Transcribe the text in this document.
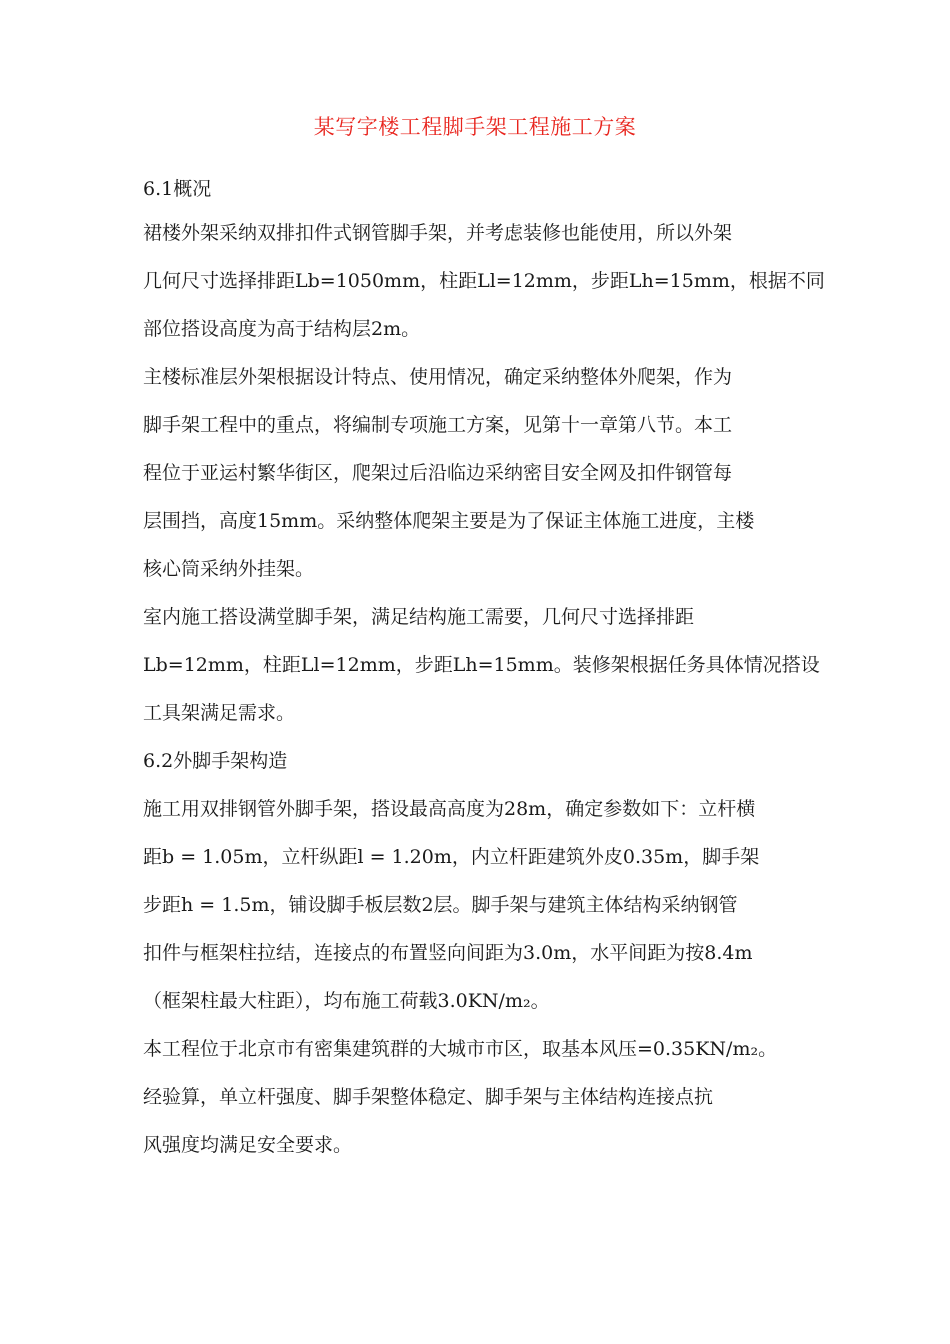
某写字楼工程脚手架工程施工方案

6.1概况

裙楼外架采纳双排扣件式钢管脚手架，并考虑装修也能使用，所以外架

几何尺寸选择排距Lb=1050mm，柱距Ll=12mm，步距Lh=15mm，根据不同

部位搭设高度为高于结构层2m。

主楼标准层外架根据设计特点、使用情况，确定采纳整体外爬架，作为

脚手架工程中的重点，将编制专项施工方案，见第十一章第八节。本工

程位于亚运村繁华街区，爬架过后沿临边采纳密目安全网及扣件钢管每

层围挡，高度15mm。采纳整体爬架主要是为了保证主体施工进度，主楼

核心筒采纳外挂架。

室内施工搭设满堂脚手架，满足结构施工需要，几何尺寸选择排距

Lb=12mm，柱距Ll=12mm，步距Lh=15mm。装修架根据任务具体情况搭设

工具架满足需求。

6.2外脚手架构造

施工用双排钢管外脚手架，搭设最高高度为28m，确定参数如下：立杆横

距b = 1.05m，立杆纵距l = 1.20m，内立杆距建筑外皮0.35m，脚手架

步距h = 1.5m，铺设脚手板层数2层。脚手架与建筑主体结构采纳钢管

扣件与框架柱拉结，连接点的布置竖向间距为3.0m，水平间距为按8.4m

（框架柱最大柱距），均布施工荷载3.0KN/m₂。

本工程位于北京市有密集建筑群的大城市市区，取基本风压=0.35KN/m₂。

经验算，单立杆强度、脚手架整体稳定、脚手架与主体结构连接点抗

风强度均满足安全要求。
